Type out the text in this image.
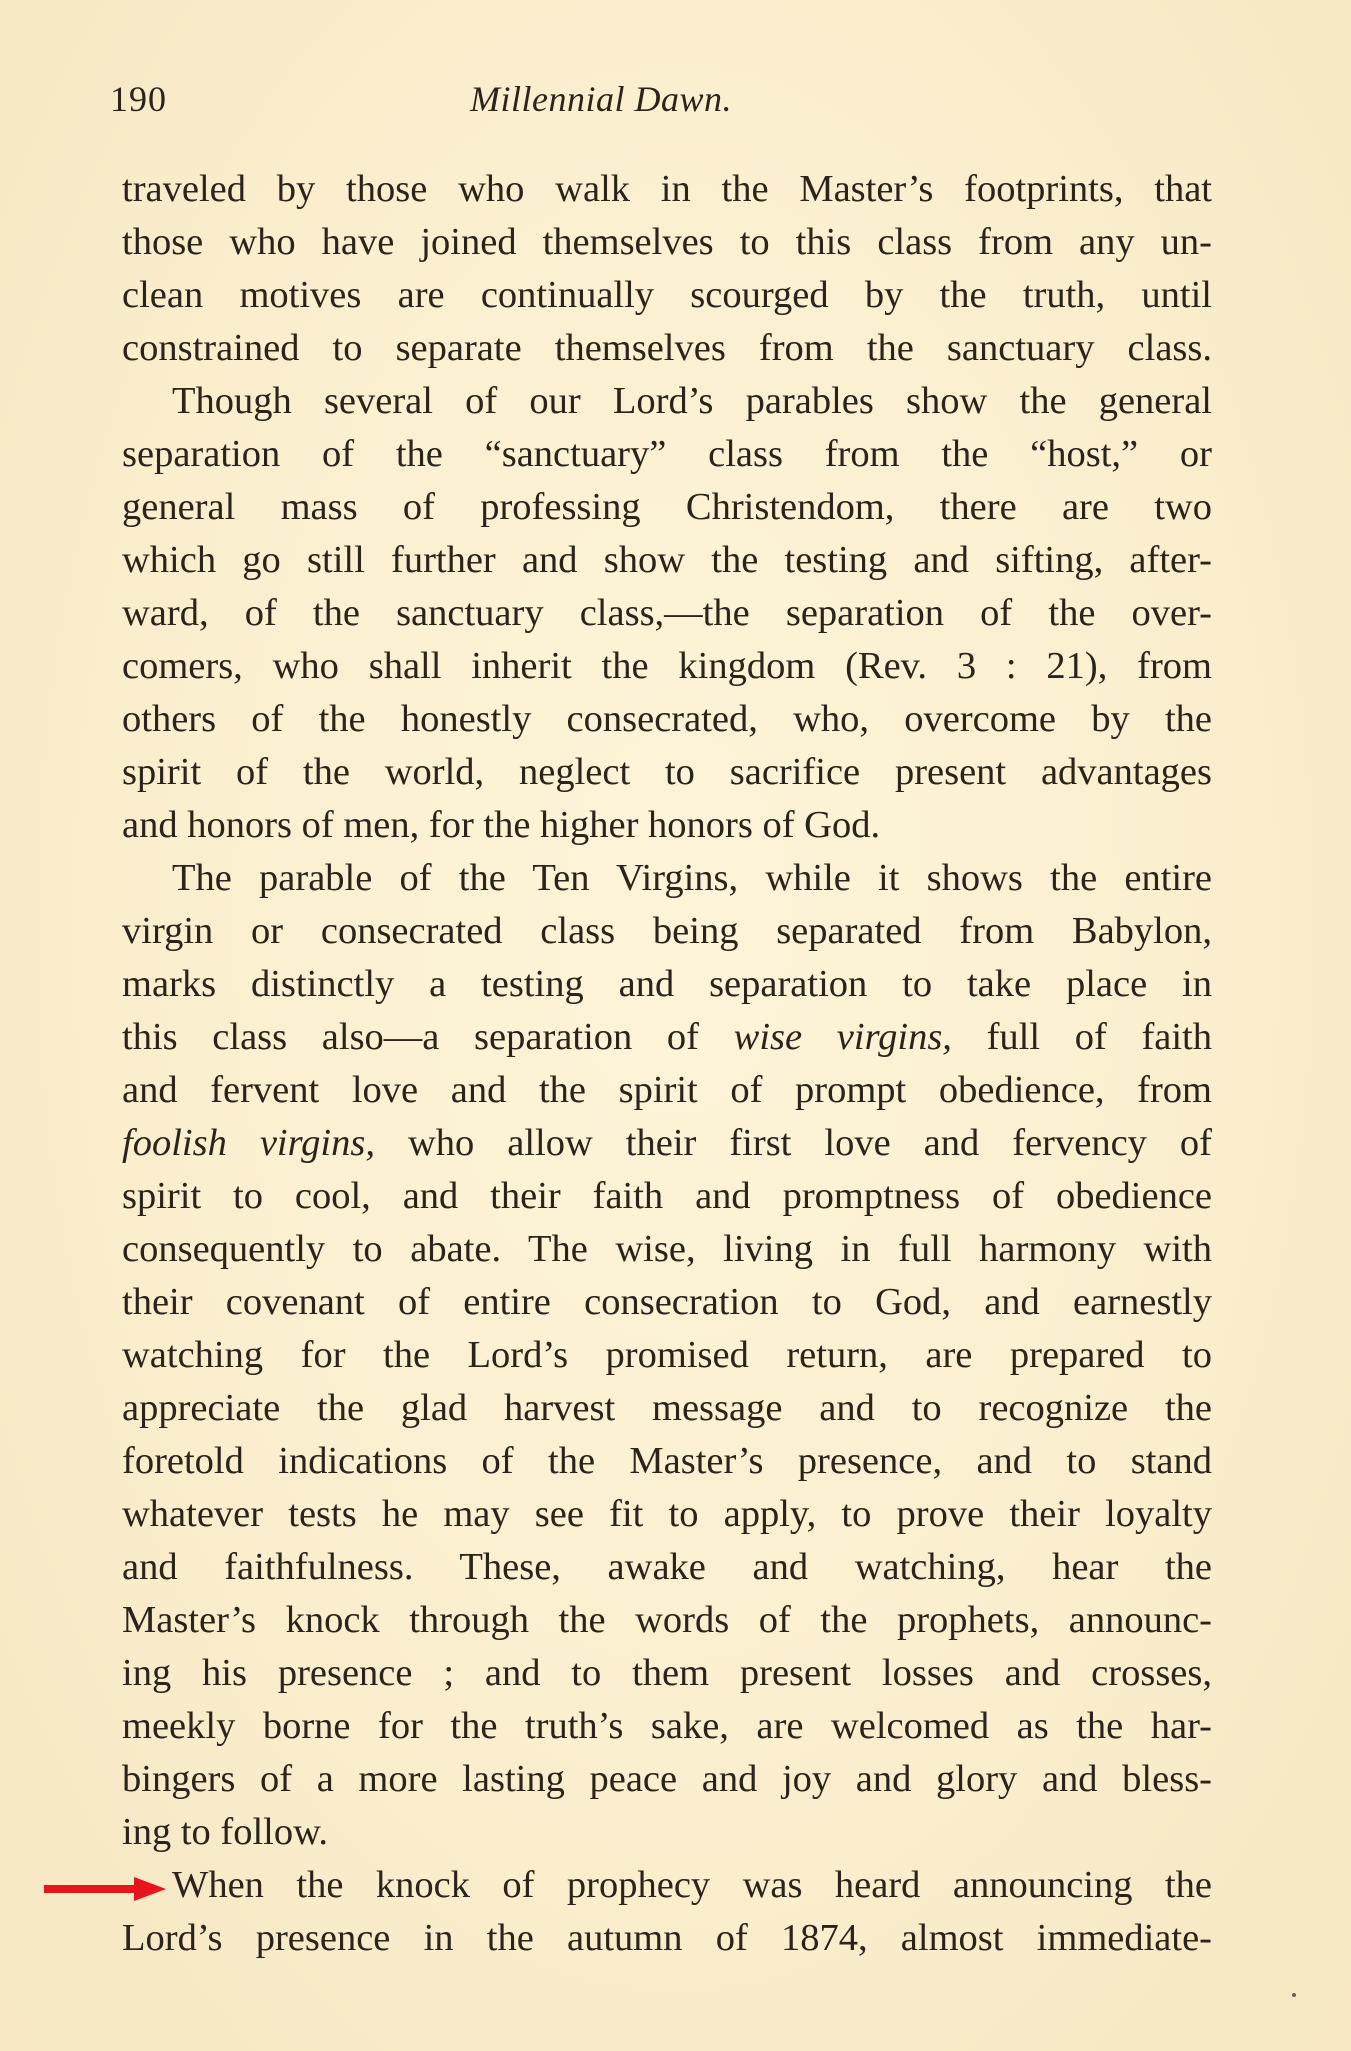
190	Millennial Dawn.
traveled by those who walk in the Master’s footprints, that
those who have joined themselves to this class from any un-
clean motives are continually scourged by the truth, until
constrained to separate themselves from the sanctuary class.
Though several of our Lord’s parables show the general
separation of the “sanctuary” class from the “host,” or
general mass of professing Christendom, there are two
which go still further and show the testing and sifting, after-
ward, of the sanctuary class,—the separation of the over-
comers, who shall inherit the kingdom (Rev. 3 : 21), from
others of the honestly consecrated, who, overcome by the
spirit of the world, neglect to sacrifice present advantages
and honors of men, for the higher honors of God.
The parable of the Ten Virgins, while it shows the entire
virgin or consecrated class being separated from Babylon,
marks distinctly a testing and separation to take place in
this class also—a separation of wise virgins, full of faith
and fervent love and the spirit of prompt obedience, from
foolish virgins, who allow their first love and fervency of
spirit to cool, and their faith and promptness of obedience
consequently to abate. The wise, living in full harmony with
their covenant of entire consecration to God, and earnestly
watching for the Lord’s promised return, are prepared to
appreciate the glad harvest message and to recognize the
foretold indications of the Master’s presence, and to stand
whatever tests he may see fit to apply, to prove their loyalty
and faithfulness. These, awake and watching, hear the
Master’s knock through the words of the prophets, announc-
ing his presence ; and to them present losses and crosses,
meekly borne for the truth’s sake, are welcomed as the har-
bingers of a more lasting peace and joy and glory and bless-
ing to follow.
When the knock of prophecy was heard announcing the
Lord’s presence in the autumn of 1874, almost immediate-
